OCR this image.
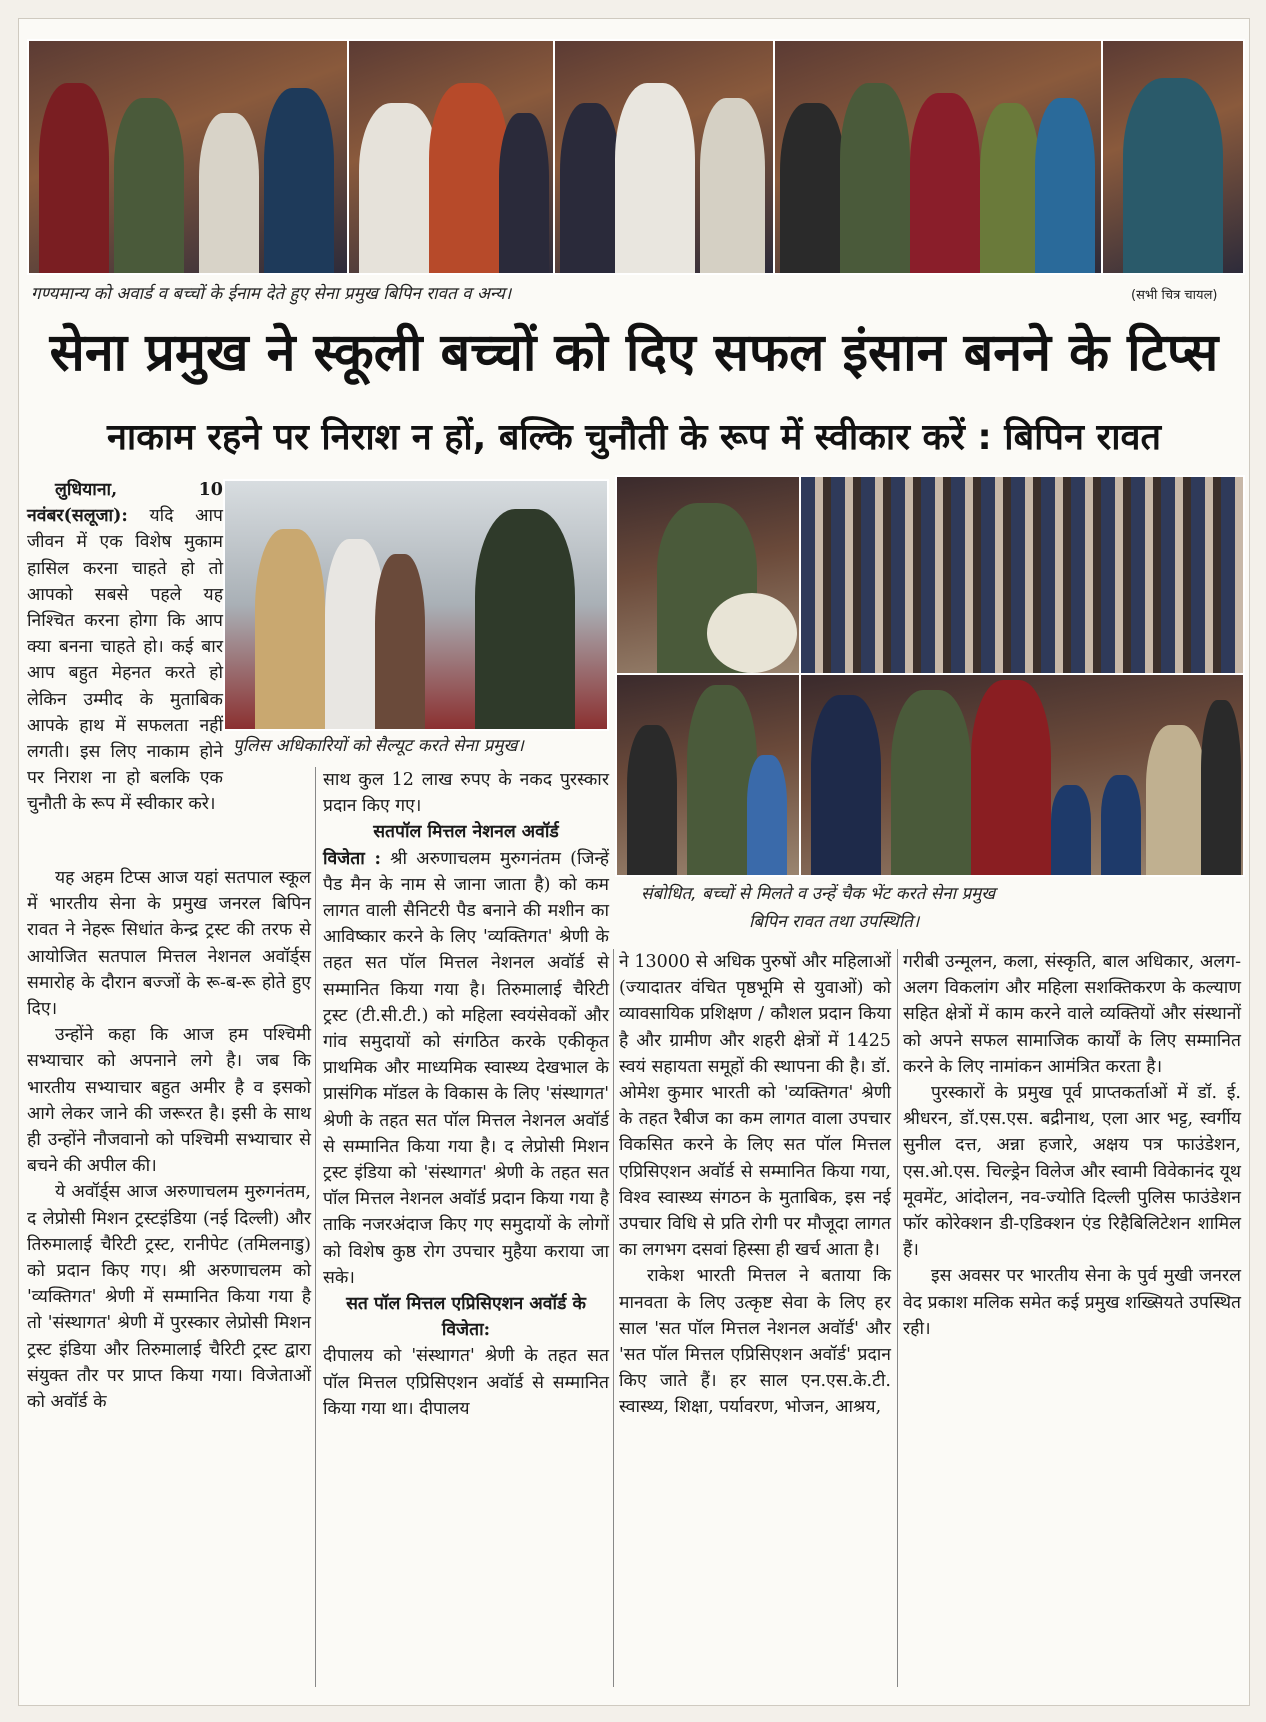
गण्यमान्य को अवार्ड व बच्चों के ईनाम देते हुए सेना प्रमुख बिपिन रावत व अन्य।	(सभी चित्र चायल)
सेना प्रमुख ने स्कूली बच्चों को दिए सफल इंसान बनने के टिप्स
नाकाम रहने पर निराश न हों, बल्कि चुनौती के रूप में स्वीकार करें : बिपिन रावत
पुलिस अधिकारियों को सैल्यूट करते सेना प्रमुख।
संबोधित, बच्चों से मिलते व उन्हें चैक भेंट करते सेना प्रमुख
बिपिन रावत तथा उपस्थिति।

लुधियाना, 10 नवंबर(सलूजा): यदि आप जीवन में एक विशेष मुकाम हासिल करना चाहते हो तो आपको सबसे पहले यह निश्चित करना होगा कि आप क्या बनना चाहते हो। कई बार आप बहुत मेहनत करते हो लेकिन उम्मीद के मुताबिक आपके हाथ में सफलता नहीं लगती। इस लिए नाकाम होने पर निराश ना हो बलकि एक चुनौती के रूप में स्वीकार करे।

यह अहम टिप्स आज यहां सतपाल स्कूल में भारतीय सेना के प्रमुख जनरल बिपिन रावत ने नेहरू सिधांत केन्द्र ट्रस्ट की तरफ से आयोजित सतपाल मित्तल नेशनल अवॉर्ड्स समारोह के दौरान बज्जों के रू-ब-रू होते हुए दिए।

उन्होंने कहा कि आज हम पश्चिमी सभ्याचार को अपनाने लगे है। जब कि भारतीय सभ्याचार बहुत अमीर है व इसको आगे लेकर जाने की जरूरत है। इसी के साथ ही उन्होंने नौजवानो को पश्चिमी सभ्याचार से बचने की अपील की।

ये अवॉर्ड्स आज अरुणाचलम मुरुगनंतम, द लेप्रोसी मिशन ट्रस्टइंडिया (नई दिल्ली) और तिरुमालाई चैरिटी ट्रस्ट, रानीपेट (तमिलनाडु) को प्रदान किए गए। श्री अरुणाचलम को 'व्यक्तिगत' श्रेणी में सम्मानित किया गया है तो 'संस्थागत' श्रेणी में पुरस्कार लेप्रोसी मिशन ट्रस्ट इंडिया और तिरुमालाई चैरिटी ट्रस्ट द्वारा संयुक्त तौर पर प्राप्त किया गया। विजेताओं को अवॉर्ड के

साथ कुल 12 लाख रुपए के नकद पुरस्कार प्रदान किए गए।

सतपॉल मित्तल नेशनल अवॉर्ड

विजेता : श्री अरुणाचलम मुरुगनंतम (जिन्हें पैड मैन के नाम से जाना जाता है) को कम लागत वाली सैनिटरी पैड बनाने की मशीन का आविष्कार करने के लिए 'व्यक्तिगत' श्रेणी के तहत सत पॉल मित्तल नेशनल अवॉर्ड से सम्मानित किया गया है। तिरुमालाई चैरिटी ट्रस्ट (टी.सी.टी.) को महिला स्वयंसेवकों और गांव समुदायों को संगठित करके एकीकृत प्राथमिक और माध्यमिक स्वास्थ्य देखभाल के प्रासंगिक मॉडल के विकास के लिए 'संस्थागत' श्रेणी के तहत सत पॉल मित्तल नेशनल अवॉर्ड से सम्मानित किया गया है। द लेप्रोसी मिशन ट्रस्ट इंडिया को 'संस्थागत' श्रेणी के तहत सत पॉल मित्तल नेशनल अवॉर्ड प्रदान किया गया है ताकि नजरअंदाज किए गए समुदायों के लोगों को विशेष कुष्ठ रोग उपचार मुहैया कराया जा सके।

सत पॉल मित्तल एप्रिसिएशन अवॉर्ड के विजेता:

दीपालय को 'संस्थागत' श्रेणी के तहत सत पॉल मित्तल एप्रिसिएशन अवॉर्ड से सम्मानित किया गया था। दीपालय

ने 13000 से अधिक पुरुषों और महिलाओं (ज्यादातर वंचित पृष्ठभूमि से युवाओं) को व्यावसायिक प्रशिक्षण / कौशल प्रदान किया है और ग्रामीण और शहरी क्षेत्रों में 1425 स्वयं सहायता समूहों की स्थापना की है। डॉ. ओमेश कुमार भारती को 'व्यक्तिगत' श्रेणी के तहत रैबीज का कम लागत वाला उपचार विकसित करने के लिए सत पॉल मित्तल एप्रिसिएशन अवॉर्ड से सम्मानित किया गया, विश्व स्वास्थ्य संगठन के मुताबिक, इस नई उपचार विधि से प्रति रोगी पर मौजूदा लागत का लगभग दसवां हिस्सा ही खर्च आता है।

राकेश भारती मित्तल ने बताया कि मानवता के लिए उत्कृष्ट सेवा के लिए हर साल 'सत पॉल मित्तल नेशनल अवॉर्ड' और 'सत पॉल मित्तल एप्रिसिएशन अवॉर्ड' प्रदान किए जाते हैं। हर साल एन.एस.के.टी. स्वास्थ्य, शिक्षा, पर्यावरण, भोजन, आश्रय,

गरीबी उन्मूलन, कला, संस्कृति, बाल अधिकार, अलग-अलग विकलांग और महिला सशक्तिकरण के कल्याण सहित क्षेत्रों में काम करने वाले व्यक्तियों और संस्थानों को अपने सफल सामाजिक कार्यों के लिए सम्मानित करने के लिए नामांकन आमंत्रित करता है।

पुरस्कारों के प्रमुख पूर्व प्राप्तकर्ताओं में डॉ. ई. श्रीधरन, डॉ.एस.एस. बद्रीनाथ, एला आर भट्ट, स्वर्गीय सुनील दत्त, अन्ना हजारे, अक्षय पत्र फाउंडेशन, एस.ओ.एस. चिल्ड्रेन विलेज और स्वामी विवेकानंद यूथ मूवमेंट, आंदोलन, नव-ज्योति दिल्ली पुलिस फाउंडेशन फॉर कोरेक्शन डी-एडिक्शन एंड रिहैबिलिटेशन शामिल हैं।

इस अवसर पर भारतीय सेना के पुर्व मुखी जनरल वेद प्रकाश मलिक समेत कई प्रमुख शख्सियते उपस्थित रही।
